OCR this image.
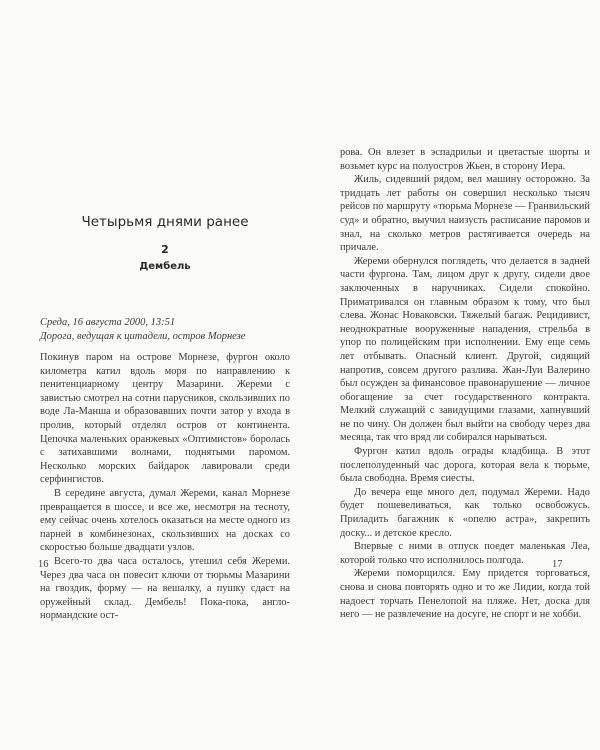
Четырьмя днями ранее
2
Дембель
Среда, 16 августа 2000, 13:51
Дорога, ведущая к цитадели, остров Морнезе

Покинув паром на острове Морнезе, фургон около километра катил вдоль моря по направлению к пенитенциарному центру Мазарини. Жереми с завистью смотрел на сотни парусников, скользивших по воде Ла-Манша и образовавших почти затор у входа в пролив, который отделял остров от континента. Цепочка маленьких оранжевых «Оптимистов» боролась с затихавшими волнами, поднятыми паромом. Несколько морских байдарок лавировали среди серфингистов.

В середине августа, думал Жереми, канал Морнезе превращается в шоссе, и все же, несмотря на тесноту, ему сейчас очень хотелось оказаться на месте одного из парней в комбинезонах, скользивших на досках со скоростью больше двадцати узлов.

Всего-то два часа осталось, утешил себя Жереми. Через два часа он повесит ключи от тюрьмы Мазарини на гвоздик, форму — на вешалку, а пушку сдаст на оружейный склад. Дембель! Пока-пока, англо-нормандские ост-

16

рова. Он влезет в эспадрильи и цветастые шорты и возьмет курс на полуостров Жьен, в сторону Иера.

Жиль, сидевший рядом, вел машину осторожно. За тридцать лет работы он совершил несколько тысяч рейсов по маршруту «тюрьма Морнезе — Гранвильский суд» и обратно, выучил наизусть расписание паромов и знал, на сколько метров растягивается очередь на причале.

Жереми обернулся поглядеть, что делается в задней части фургона. Там, лицом друг к другу, сидели двое заключенных в наручниках. Сидели спокойно. Приматривался он главным образом к тому, что был слева. Жонас Новаковски. Тяжелый багаж. Рецидивист, неоднократные вооруженные нападения, стрельба в упор по полицейским при исполнении. Ему еще семь лет отбывать. Опасный клиент. Другой, сидящий напротив, совсем другого разлива. Жан-Луи Валерино был осужден за финансовое правонарушение — личное обогащение за счет государственного контракта. Мелкий служащий с завидущими глазами, хапнувший не по чину. Он должен был выйти на свободу через два месяца, так что вряд ли собирался нарываться.

Фургон катил вдоль ограды кладбища. В этот послеполуденный час дорога, которая вела к тюрьме, была свободна. Время сиесты.

До вечера еще много дел, подумал Жереми. Надо будет пошевеливаться, как только освобожусь. Приладить багажник к «опелю астра», закрепить доску... и детское кресло.

Впервые с ними в отпуск поедет маленькая Леа, которой только что исполнилось полгода.

Жереми поморщился. Ему придется торговаться, снова и снова повторять одно и то же Лидии, когда той надоест торчать Пенелопой на пляже. Нет, доска для него — не развлечение на досуге, не спорт и не хобби.

17
